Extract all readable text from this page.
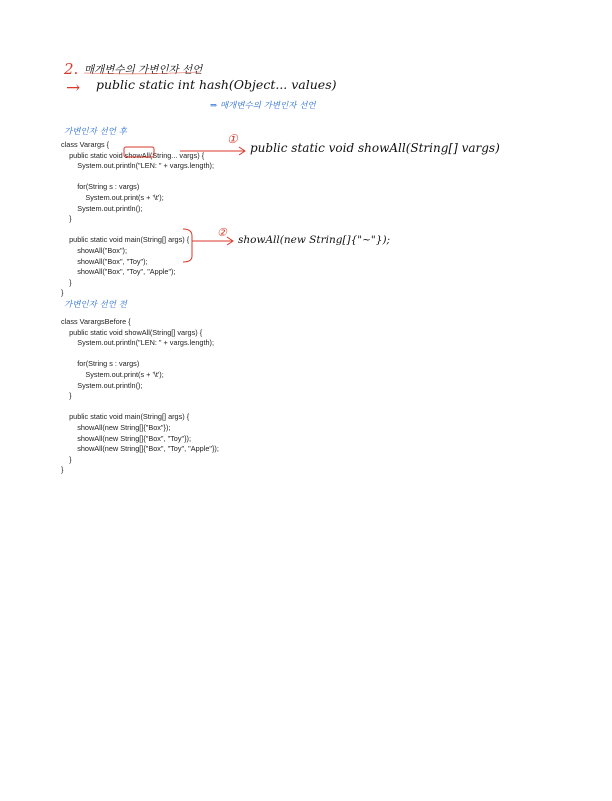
2. 매개변수의 가변인자 선언
→ public static int hash(Object... values)
⇒ 매개변수의 가변인자 선언
가변인자 선언 후
class Varargs {
public static void showAll(String... vargs) {
System.out.println("LEN: " + vargs.length);
for(String s : vargs)
System.out.print(s + '\t');
System.out.println();
}
public static void main(String[] args) {
showAll("Box");
showAll("Box", "Toy");
showAll("Box", "Toy", "Apple");
}
}
①
public static void showAll(String[] vargs)
②
showAll(new String[]{"~"});
가변인자 선언 전
class VarargsBefore {
public static void showAll(String[] vargs) {
System.out.println("LEN: " + vargs.length);
for(String s : vargs)
System.out.print(s + '\t');
System.out.println();
}
public static void main(String[] args) {
showAll(new String[]{"Box"});
showAll(new String[]{"Box", "Toy"});
showAll(new String[]{"Box", "Toy", "Apple"});
}
}
